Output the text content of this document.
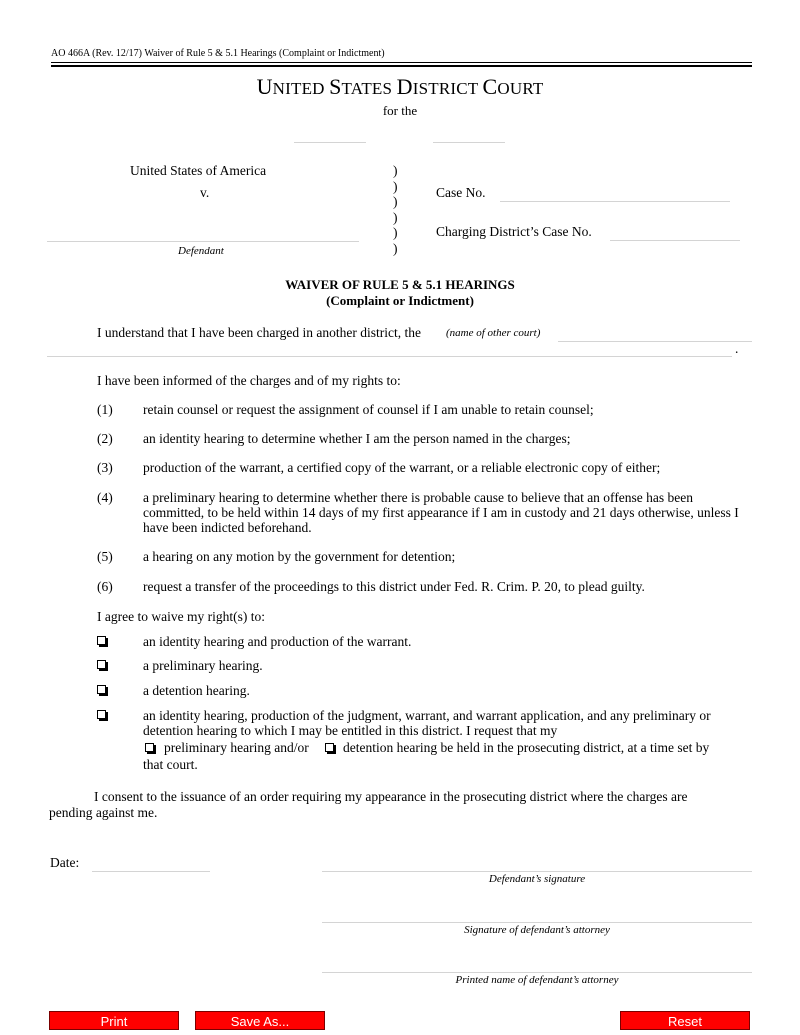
AO 466A (Rev. 12/17) Waiver of Rule 5 & 5.1 Hearings (Complaint or Indictment)
UNITED STATES DISTRICT COURT
for the
United States of America
v.
Defendant
)
)
)
)
)
)
Case No.
Charging District’s Case No.
WAIVER OF RULE 5 & 5.1 HEARINGS
(Complaint or Indictment)
I understand that I have been charged in another district, the (name of other court)
.
I have been informed of the charges and of my rights to:
(1) retain counsel or request the assignment of counsel if I am unable to retain counsel;
(2) an identity hearing to determine whether I am the person named in the charges;
(3) production of the warrant, a certified copy of the warrant, or a reliable electronic copy of either;
(4) a preliminary hearing to determine whether there is probable cause to believe that an offense has been committed, to be held within 14 days of my first appearance if I am in custody and 21 days otherwise, unless I have been indicted beforehand.
(5) a hearing on any motion by the government for detention;
(6) request a transfer of the proceedings to this district under Fed. R. Crim. P. 20, to plead guilty.
I agree to waive my right(s) to:
an identity hearing and production of the warrant.
a preliminary hearing.
a detention hearing.
an identity hearing, production of the judgment, warrant, and warrant application, and any preliminary or detention hearing to which I may be entitled in this district. I request that my
preliminary hearing and/or	detention hearing be held in the prosecuting district, at a time set by
that court.
I consent to the issuance of an order requiring my appearance in the prosecuting district where the charges are
pending against me.
Date:
Defendant’s signature
Signature of defendant’s attorney
Printed name of defendant’s attorney
Print	Save As...	Reset
